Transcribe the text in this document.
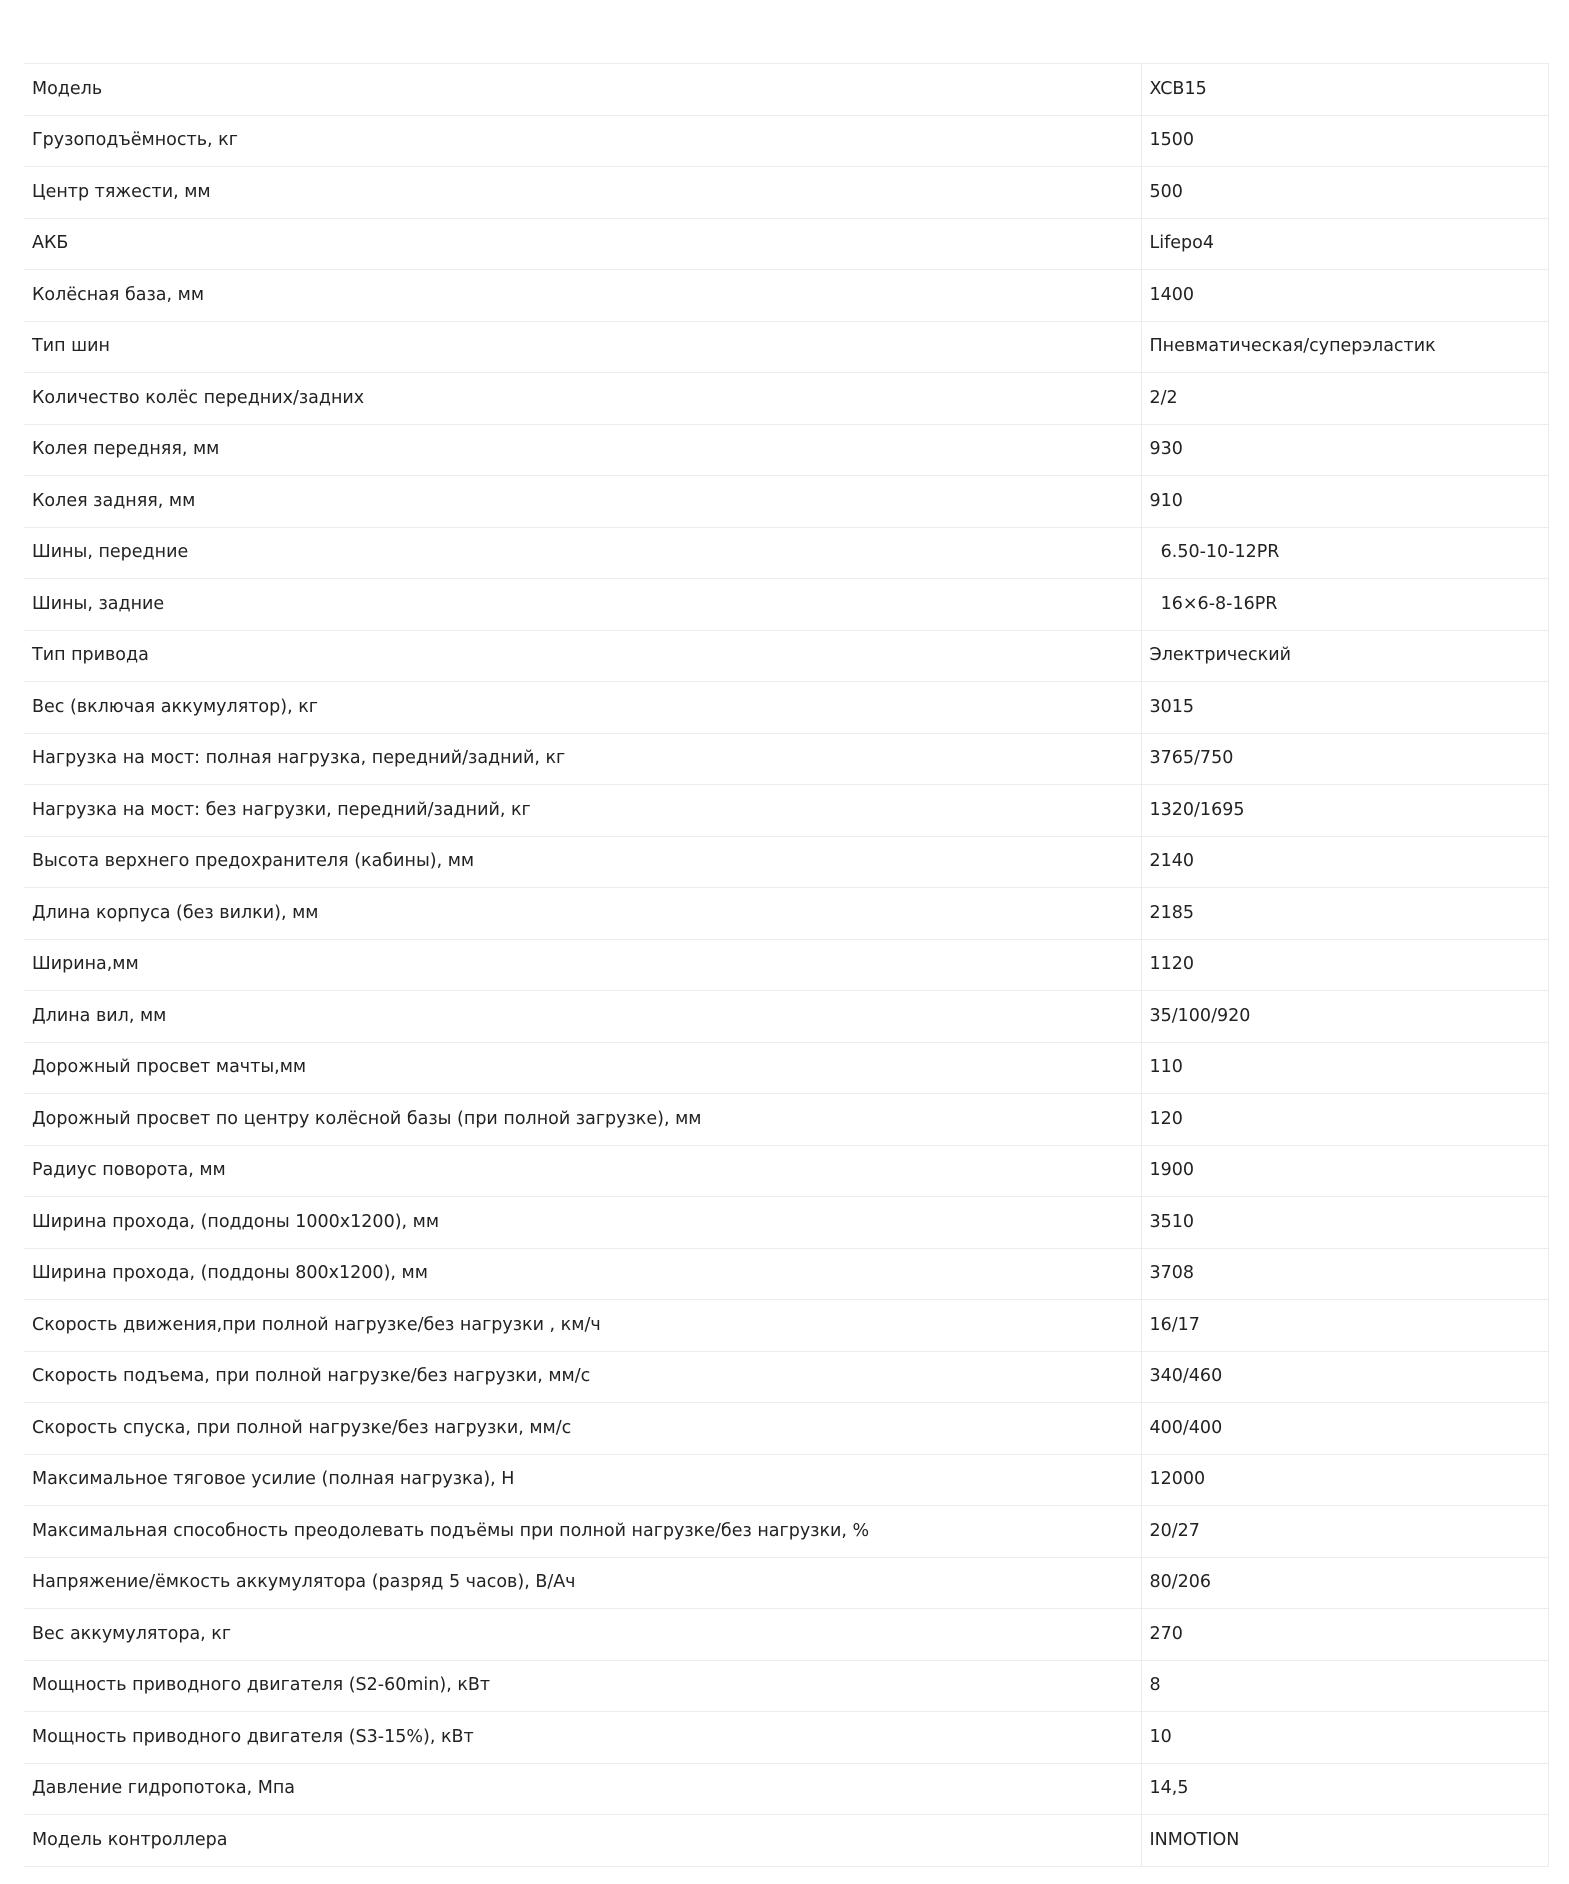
Модель	XCB15
Грузоподъёмность, кг	1500
Центр тяжести, мм	500
АКБ	Lifepo4
Колёсная база, мм	1400
Тип шин	Пневматическая/суперэластик
Количество колёс передних/задних	2/2
Колея передняя, мм	930
Колея задняя, мм	910
Шины, передние	6.50-10-12PR
Шины, задние	16×6-8-16PR
Тип привода	Электрический
Вес (включая аккумулятор), кг	3015
Нагрузка на мост: полная нагрузка, передний/задний, кг	3765/750
Нагрузка на мост: без нагрузки, передний/задний, кг	1320/1695
Высота верхнего предохранителя (кабины), мм	2140
Длина корпуса (без вилки), мм	2185
Ширина,мм	1120
Длина вил, мм	35/100/920
Дорожный просвет мачты,мм	110
Дорожный просвет по центру колёсной базы (при полной загрузке), мм	120
Радиус поворота, мм	1900
Ширина прохода, (поддоны 1000x1200), мм	3510
Ширина прохода, (поддоны 800x1200), мм	3708
Скорость движения,при полной нагрузке/без нагрузки , км/ч	16/17
Скорость подъема, при полной нагрузке/без нагрузки, мм/с	340/460
Скорость спуска, при полной нагрузке/без нагрузки, мм/с	400/400
Максимальное тяговое усилие (полная нагрузка), Н	12000
Максимальная способность преодолевать подъёмы при полной нагрузке/без нагрузки, %	20/27
Напряжение/ёмкость аккумулятора (разряд 5 часов), В/Ач	80/206
Вес аккумулятора, кг	270
Мощность приводного двигателя (S2-60min), кВт	8
Мощность приводного двигателя (S3-15%), кВт	10
Давление гидропотока, Мпа	14,5
Модель контроллера	INMOTION
